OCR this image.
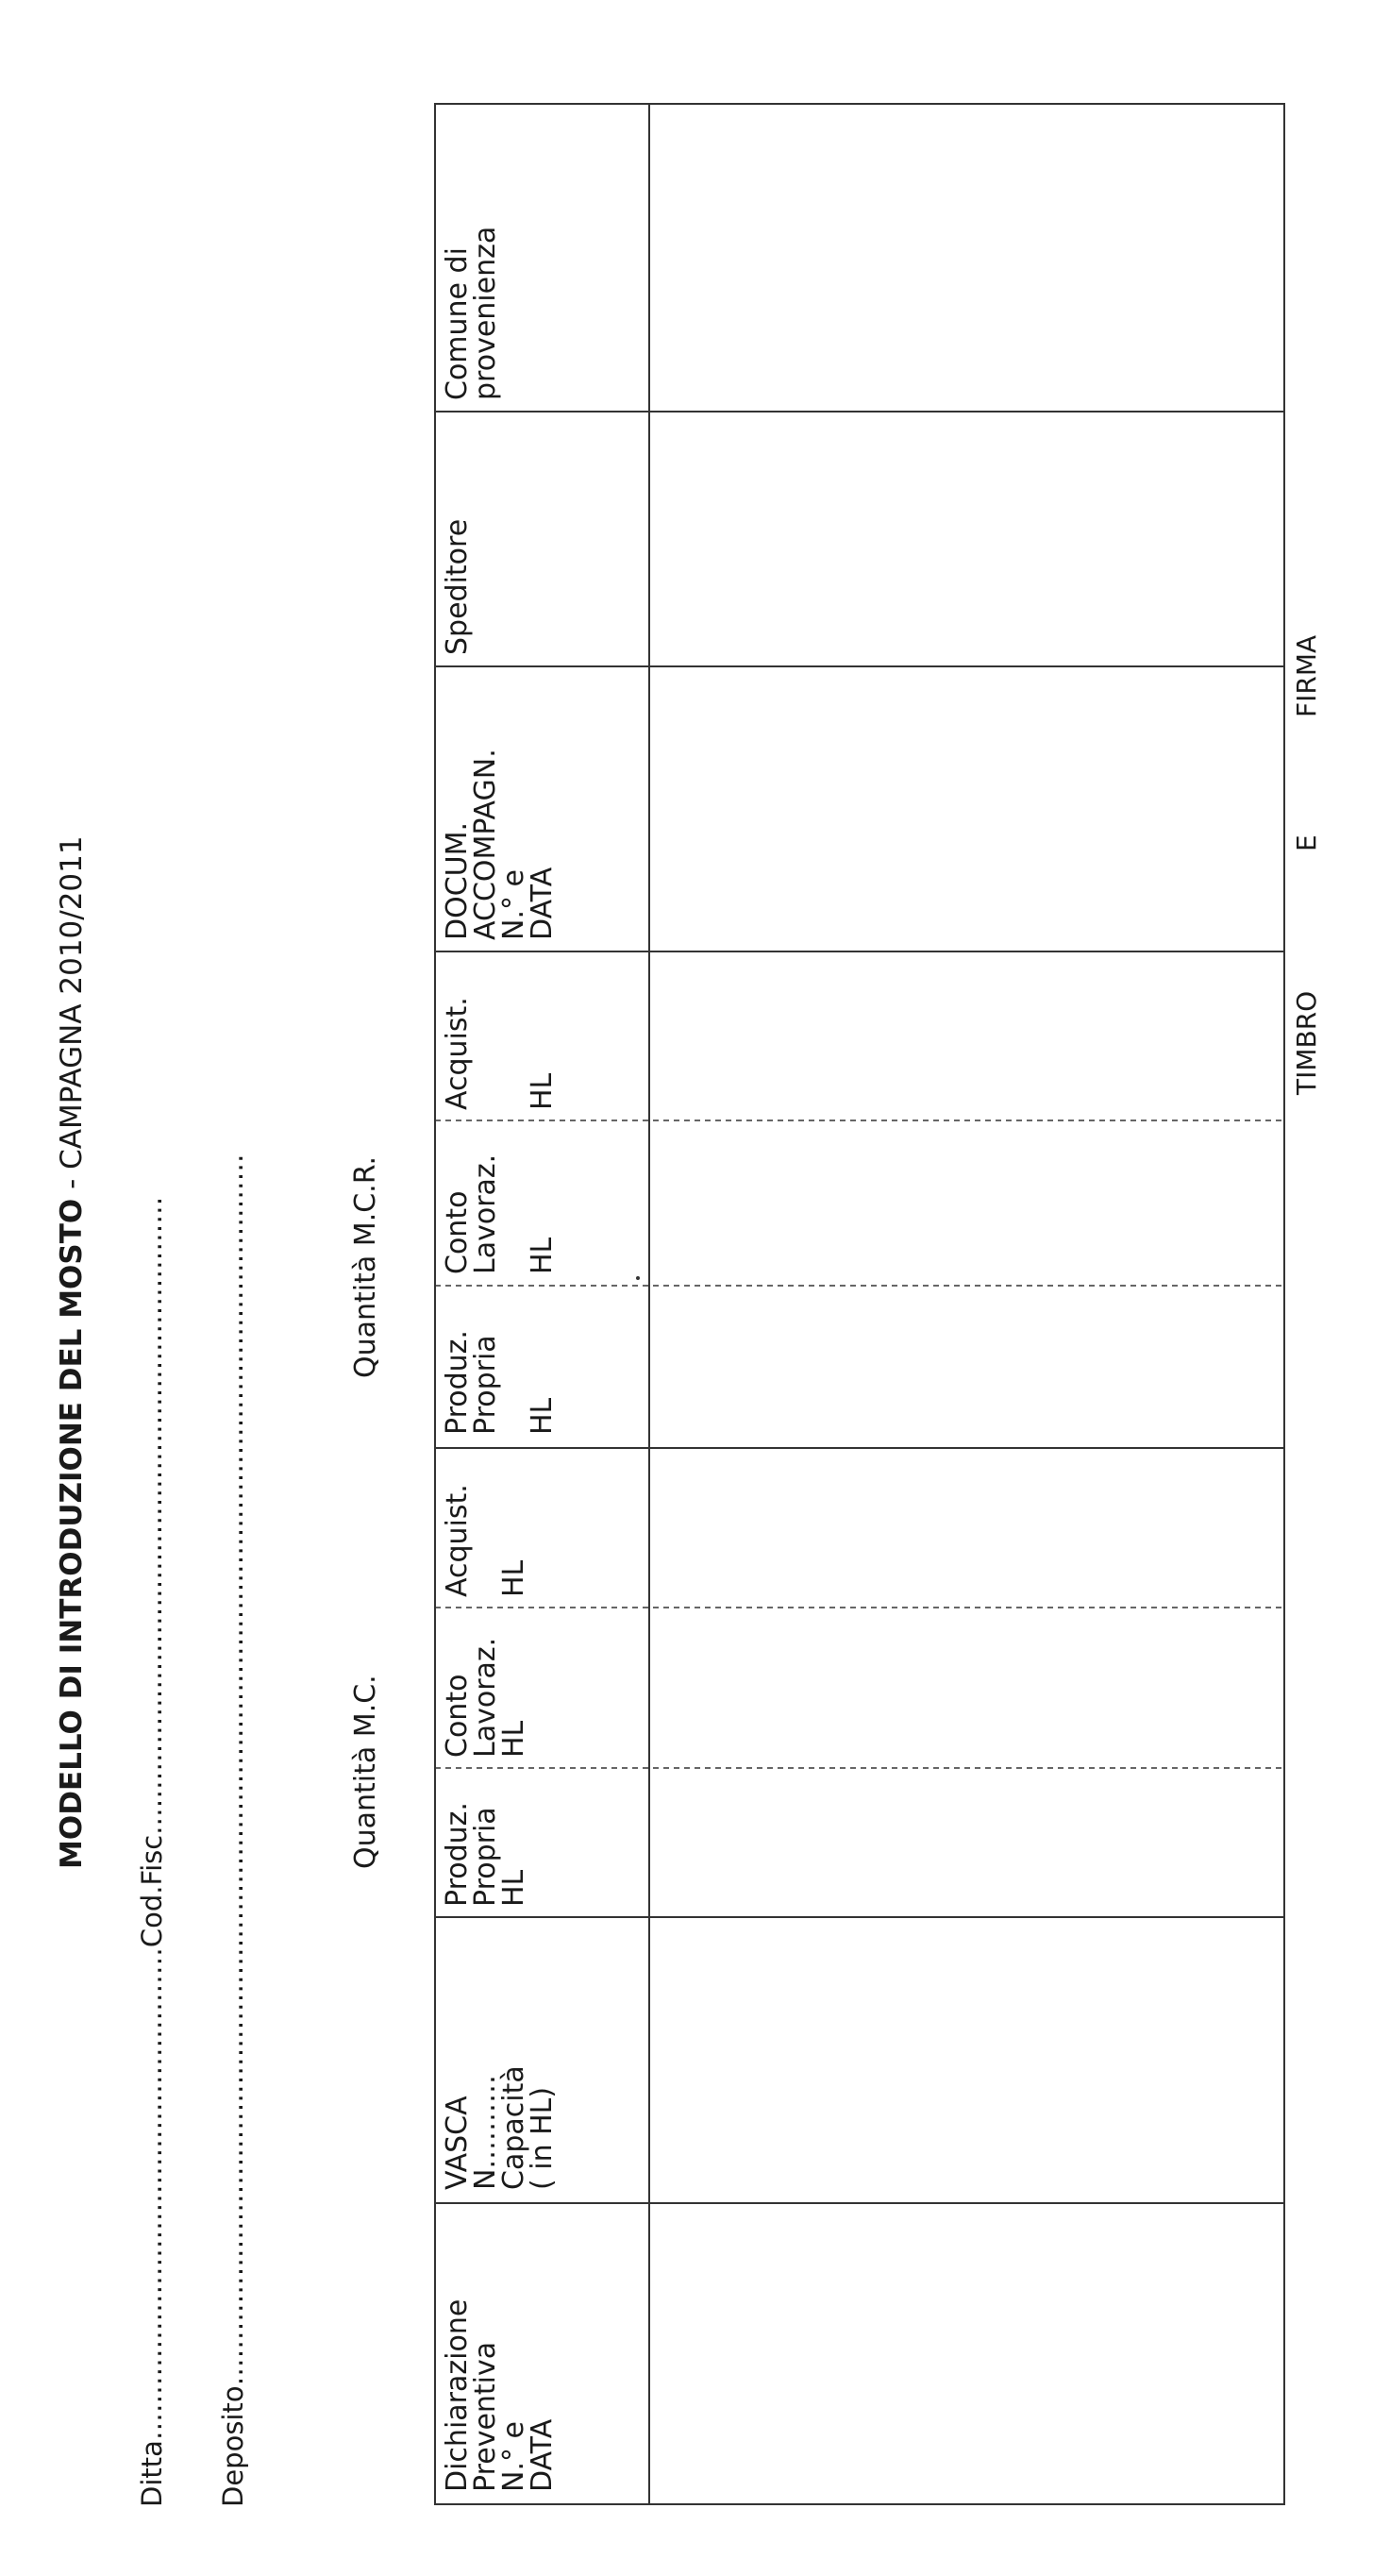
MODELLO DI INTRODUZIONE DEL MOSTO - CAMPAGNA 2010/2011
Ditta………………………………………………Cod.Fisc.…………………………………………………………… Deposito………………………………………………………………………………………………………………………	Quantità M.C.
Quantità M.C.R.
Dichiarazione
Preventiva
N.° e
DATA
VASCA
N.………
Capacità
( in HL)
Produz.
Propria
HL
Conto
Lavoraz.
HL
Acquist. HL
Produz.
Propria HL
Conto
Lavoraz. HL
Acquist. HL
DOCUM.
ACCOMPAGN.
N.° e
DATA
Speditore
Comune di
provenienza
TIMBRO
E
FIRMA
